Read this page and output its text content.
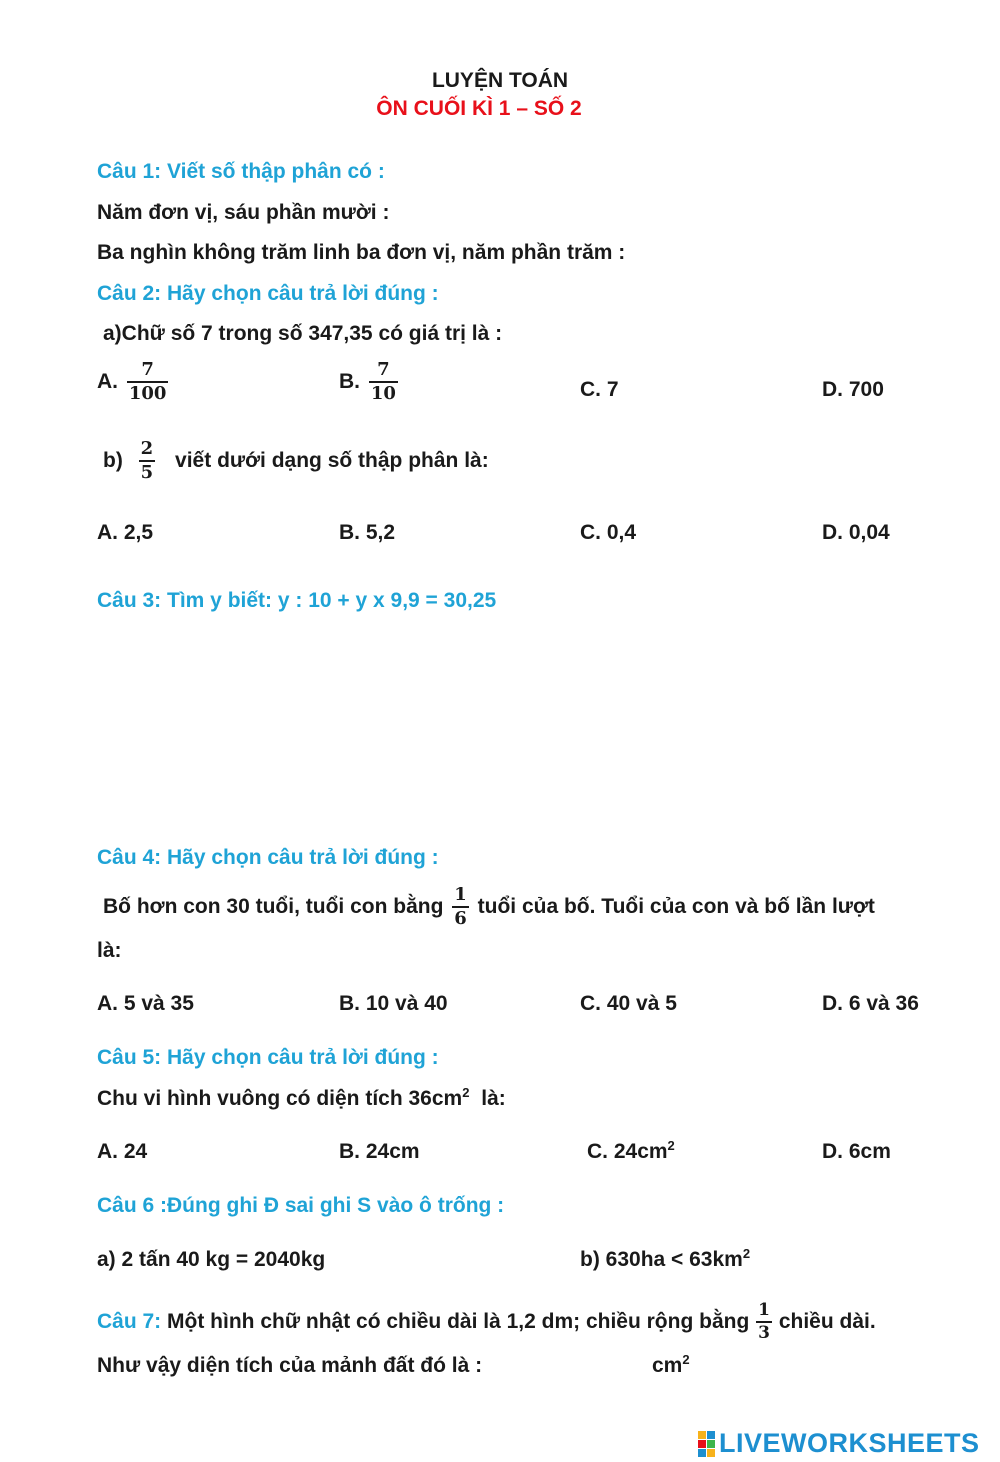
LUYỆN TOÁN
ÔN CUỐI KÌ 1 – SỐ 2
Câu 1: Viết số thập phân có :
Năm đơn vị, sáu phần mười :
Ba nghìn không trăm linh ba đơn vị, năm phần trăm :
Câu 2: Hãy chọn câu trả lời đúng :
a)Chữ số 7 trong số 347,35 có giá trị là :
A. $\frac{7}{100}$	B. $\frac{7}{10}$	C. 7	D. 700
$b) \frac{2}{5}$ viết dưới dạng số thập phân là:
A. 2,5	B. 5,2	C. 0,4	D. 0,04
Câu 3: Tìm y biết: y : 10 + y x 9,9 = 30,25
Câu 4: Hãy chọn câu trả lời đúng :
Bố hơn con 30 tuổi, tuổi con bằng $\frac{1}{6}$ tuổi của bố. Tuổi của con và bố lần lượt
là:
A. 5 và 35	B. 10 và 40	C. 40 và 5	D. 6 và 36
Câu 5: Hãy chọn câu trả lời đúng :
Chu vi hình vuông có diện tích $36cm^2$ là:
A. 24	B. 24cm	C. $24cm^2$	D. 6cm
Câu 6 :Đúng ghi Đ sai ghi S vào ô trống :
a) 2 tấn 40 kg = 2040kg	b) $630ha < 63km^2$
Câu 7: Một hình chữ nhật có chiều dài là 1,2 dm; chiều rộng bằng $\frac{1}{3}$ chiều dài.
Như vậy diện tích của mảnh đất đó là :	$cm^2$
LIVEWORKSHEETS
